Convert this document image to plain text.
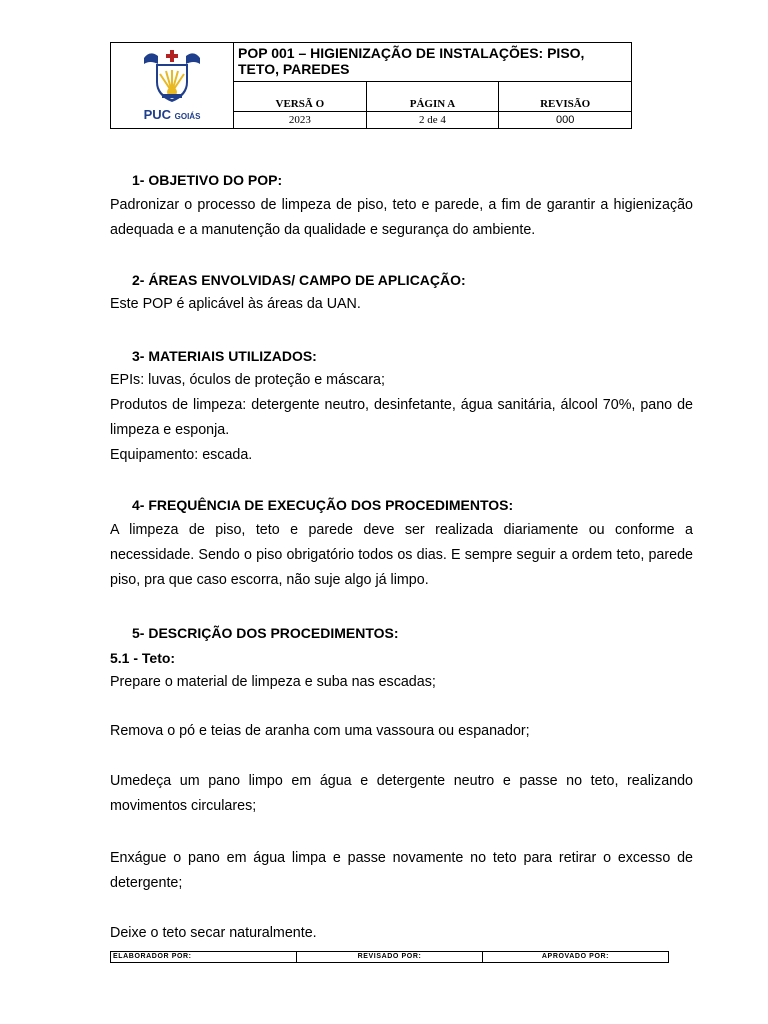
PUC GOIÁS	POP 001 – HIGIENIZAÇÃO DE INSTALAÇÕES: PISO, TETO, PAREDES		
	VERSÃ O	PÁGIN A	REVISÃO
	2023	2 de 4	000
1- OBJETIVO DO POP:
Padronizar o processo de limpeza de piso, teto e parede, a fim de garantir a higienização adequada e a manutenção da qualidade e segurança do ambiente.
2- ÁREAS ENVOLVIDAS/ CAMPO DE APLICAÇÃO:
Este POP é aplicável às áreas da UAN.
3- MATERIAIS UTILIZADOS:
EPIs: luvas, óculos de proteção e máscara;
Produtos de limpeza: detergente neutro, desinfetante, água sanitária, álcool 70%, pano de limpeza e esponja.
Equipamento: escada.
4- FREQUÊNCIA DE EXECUÇÃO DOS PROCEDIMENTOS:
A limpeza de piso, teto e parede deve ser realizada diariamente ou conforme a necessidade. Sendo o piso obrigatório todos os dias. E sempre seguir a ordem teto, parede piso, pra que caso escorra, não suje algo já limpo.
5- DESCRIÇÃO DOS PROCEDIMENTOS:
5.1 - Teto:
Prepare o material de limpeza e suba nas escadas;
Remova o pó e teias de aranha com uma vassoura ou espanador;
Umedeça um pano limpo em água e detergente neutro e passe no teto, realizando movimentos circulares;
Enxágue o pano em água limpa e passe novamente no teto para retirar o excesso de detergente;
Deixe o teto secar naturalmente.
ELABORADOR POR:	REVISADO POR:	APROVADO POR:
